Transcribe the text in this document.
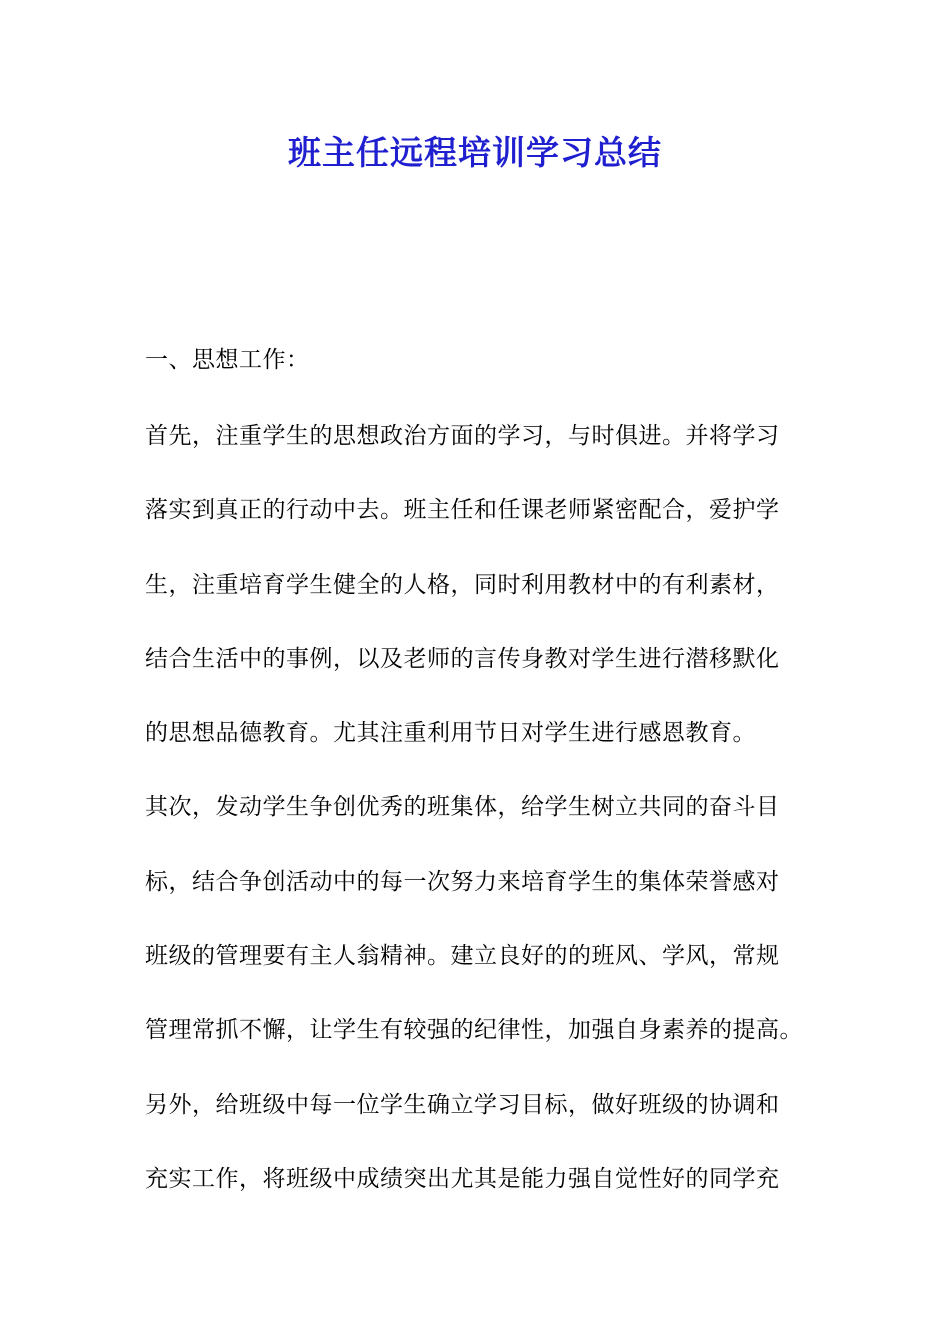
班主任远程培训学习总结
一、思想工作：
首先，注重学生的思想政治方面的学习，与时俱进。并将学习
落实到真正的行动中去。班主任和任课老师紧密配合，爱护学
生，注重培育学生健全的人格，同时利用教材中的有利素材，
结合生活中的事例，以及老师的言传身教对学生进行潜移默化
的思想品德教育。尤其注重利用节日对学生进行感恩教育。
其次，发动学生争创优秀的班集体，给学生树立共同的奋斗目
标，结合争创活动中的每一次努力来培育学生的集体荣誉感对
班级的管理要有主人翁精神。建立良好的的班风、学风，常规
管理常抓不懈，让学生有较强的纪律性，加强自身素养的提高。
另外，给班级中每一位学生确立学习目标，做好班级的协调和
充实工作，将班级中成绩突出尤其是能力强自觉性好的同学充
